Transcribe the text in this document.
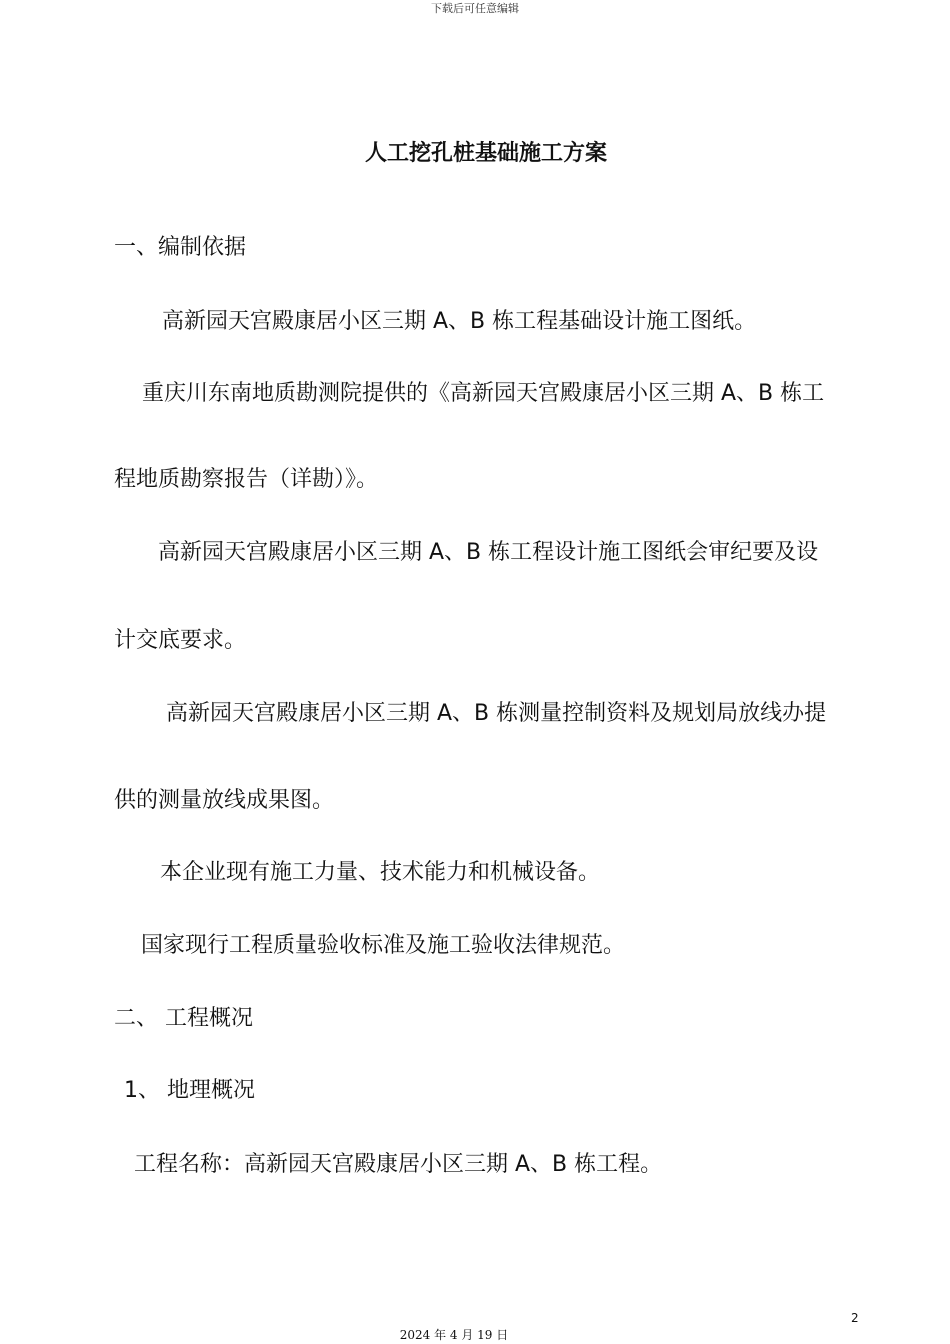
下载后可任意编辑
人工挖孔桩基础施工方案
一、编制依据
高新园天宫殿康居小区三期 A、B 栋工程基础设计施工图纸。
重庆川东南地质勘测院提供的《高新园天宫殿康居小区三期 A、B 栋工
程地质勘察报告（详勘）》。
高新园天宫殿康居小区三期 A、B 栋工程设计施工图纸会审纪要及设
计交底要求。
高新园天宫殿康居小区三期 A、B 栋测量控制资料及规划局放线办提
供的测量放线成果图。
本企业现有施工力量、技术能力和机械设备。
国家现行工程质量验收标准及施工验收法律规范。
二、 工程概况
1、 地理概况
工程名称：高新园天宫殿康居小区三期 A、B 栋工程。
2
2024 年 4 月 19 日
